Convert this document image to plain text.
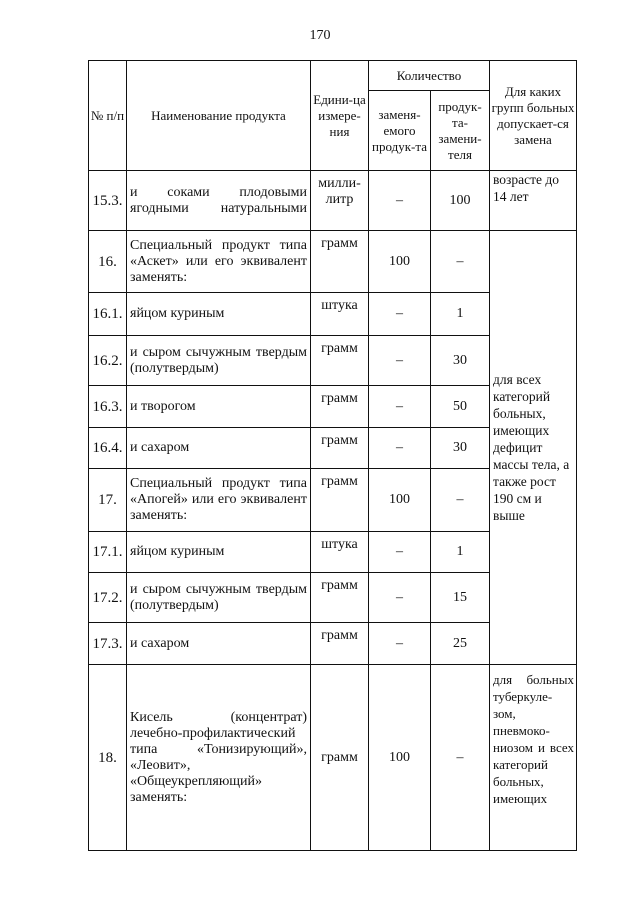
170
№ п/п	Наименование продукта	Едини-ца измере-ния	Количество		Для каких групп больных допускает-ся замена
			заменя-емого продук-та	продук-та-замени-теля	
15.3.	и соками плодовыми ягодными натуральными	милли-литр	–	100	возрасте до 14 лет
16.	Специальный продукт типа «Аскет» или его эквивалент заменять:	грамм	100	–	для всех категорий больных, имеющих дефицит массы тела, а также рост 190 см и выше
16.1.	яйцом куриным	штука	–	1	
16.2.	и сыром сычужным твердым (полутвердым)	грамм	–	30	
16.3.	и творогом	грамм	–	50	
16.4.	и сахаром	грамм	–	30	
17.	Специальный продукт типа «Апогей» или его эквивалент заменять:	грамм	100	–	
17.1.	яйцом куриным	штука	–	1	
17.2.	и сыром сычужным твердым (полутвердым)	грамм	–	15	
17.3.	и сахаром	грамм	–	25	
18.	Кисель (концентрат) лечебно-профилактический типа «Тонизирующий», «Леовит», «Общеукрепляющий» заменять:	грамм	100	–	для больных туберкуле-зом, пневмоко-ниозом и всех категорий больных, имеющих
